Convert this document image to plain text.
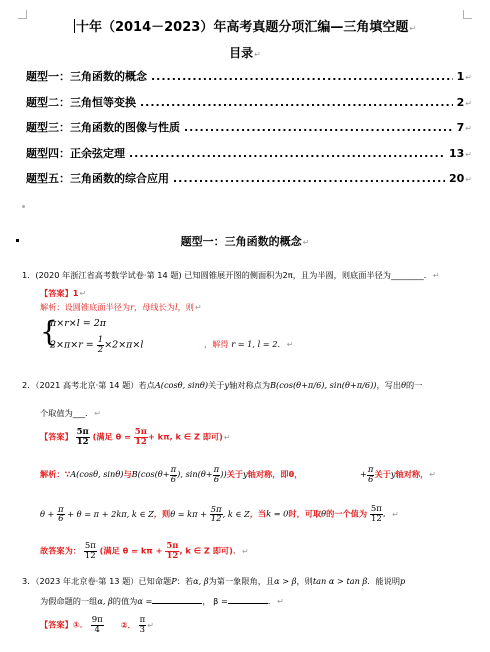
十年（2014－2023）年高考真题分项汇编—三角填空题↵
目录↵
题型一：三角函数的概念 .....	1 ↵
题型二：三角恒等变换 .....	2 ↵
题型三：三角函数的图像与性质 .....	7 ↵
题型四：正余弦定理 .....	13 ↵
题型五：三角函数的综合应用 .....	20 ↵
题型一：三角函数的概念↵
1．(2020 年浙江省高考数学试卷·第 14 题) 已知圆锥展开图的侧面积为2π，且为半圆，则底面半径为________．↵
【答案】1↵
解析：设圆锥底面半径为r，母线长为l，则↵
{
π×r×l = 2π
$2\times\pi\times r = \frac{1}{2} \times 2\times\pi\times l$	，解得 r = 1, l = 2．↵
2．（2021 高考北京·第 14 题）若点A(cosθ, sinθ)关于y轴对称点为B(cos(θ+π/6), sin(θ+π/6))，写出θ的一
个取值为___．↵
【答案】 $\frac{5\pi}{12}$ (满足 $\theta = \frac{5\pi}{12} + k\pi$, k ∈ Z 即可)↵
解析：∵A(cosθ, sinθ)与$B(\cos(\theta+ \frac{\pi}{6}$ ), $\sin(\theta+ \frac{\pi}{6}$ ))关于y轴对称，即θ，	+ $\frac{\pi}{6}$ 关于y轴对称，↵
$\theta + \frac{\pi}{6} + \theta = \pi + 2k\pi$, k ∈ Z，则$\theta = k\pi + \frac{5\pi}{12}$ , k ∈ Z，当k = 0时，可取θ的一个值为 $\frac{5\pi}{12}$ ．↵
故答案为： $\frac{5\pi}{12}$ (满足 $\theta = k\pi + \frac{5\pi}{12}$ , k ∈ Z 即可)．↵
3．（2023 年北京卷·第 13 题）已知命题P：若α, β为第一象限角，且α > β，则tan α > tan β．能说明p
为假命题的一组α, β的值为α =	， β =	．↵
【答案】①． $\frac{9\pi}{4}$ ②． $\frac{\pi}{3}$ ↵
